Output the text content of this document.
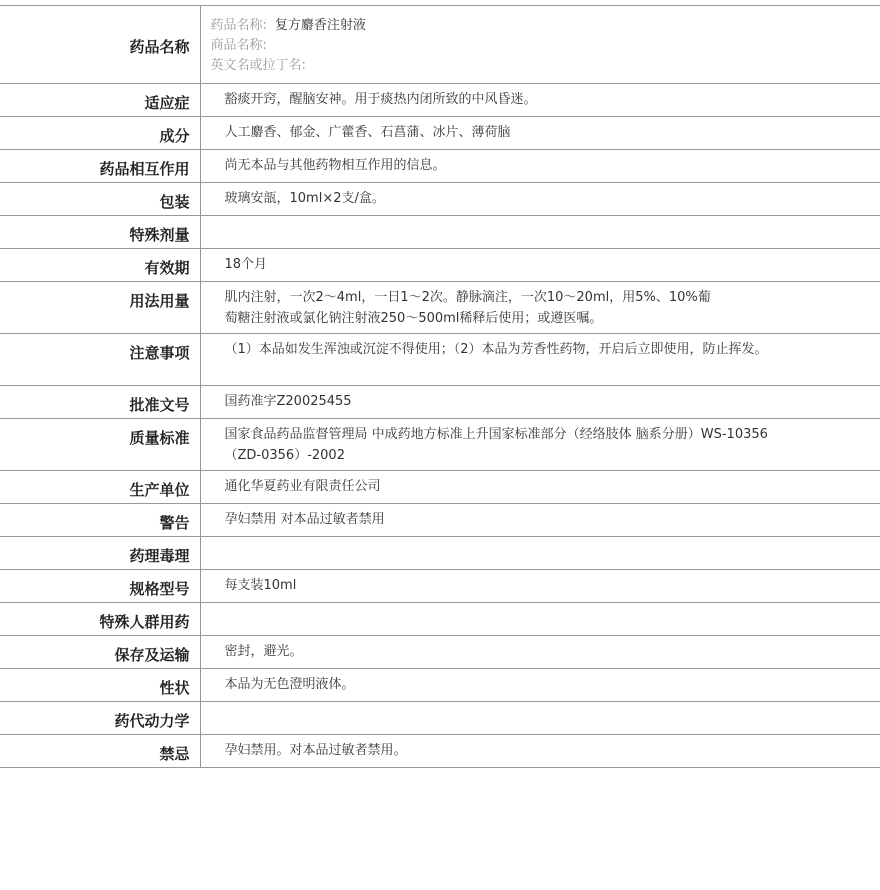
药品名称	药品名称: 复方麝香注射液
商品名称:
英文名或拉丁名:

适应症	豁痰开窍，醒脑安神。用于痰热内闭所致的中风昏迷。
成分	人工麝香、郁金、广藿香、石菖蒲、冰片、薄荷脑
药品相互作用	尚无本品与其他药物相互作用的信息。
包装	玻璃安瓿，10ml×2支/盒。
特殊剂量	
有效期	18个月
用法用量	肌内注射，一次2～4ml，一日1～2次。静脉滴注，一次10～20ml，用5%、10%葡萄糖注射液或氯化钠注射液250～500ml稀释后使用；或遵医嘱。
注意事项	（1）本品如发生浑浊或沉淀不得使用；（2）本品为芳香性药物，开启后立即使用，防止挥发。
批准文号	国药准字Z20025455
质量标准	国家食品药品监督管理局 中成药地方标准上升国家标准部分（经络肢体 脑系分册）WS-10356（ZD-0356）-2002
生产单位	通化华夏药业有限责任公司
警告	孕妇禁用 对本品过敏者禁用
药理毒理	
规格型号	每支装10ml
特殊人群用药	
保存及运输	密封，避光。
性状	本品为无色澄明液体。
药代动力学	
禁忌	孕妇禁用。对本品过敏者禁用。
